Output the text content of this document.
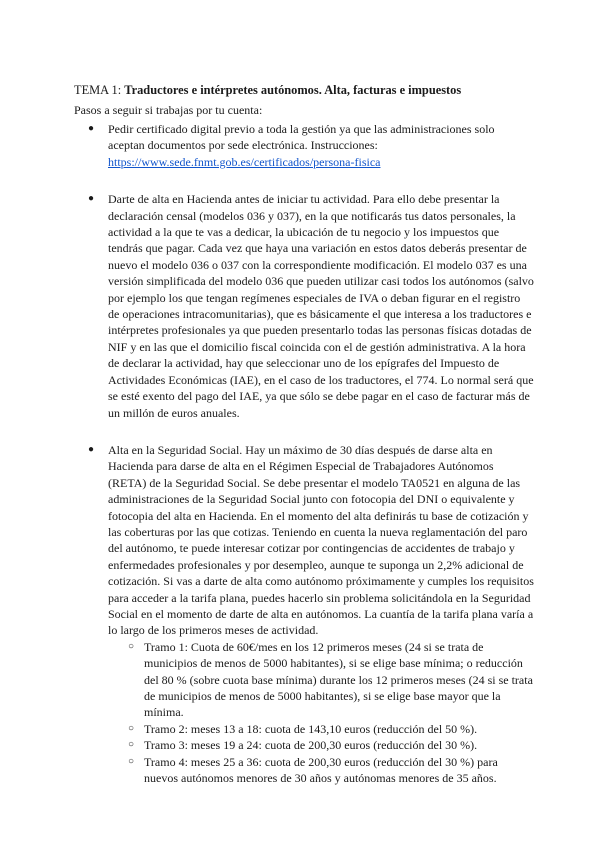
TEMA 1: Traductores e intérpretes autónomos. Alta, facturas e impuestos
Pasos a seguir si trabajas por tu cuenta:
● Pedir certificado digital previo a toda la gestión ya que las administraciones solo aceptan documentos por sede electrónica. Instrucciones:
https://www.sede.fnmt.gob.es/certificados/persona-fisica
● Darte de alta en Hacienda antes de iniciar tu actividad. Para ello debe presentar la declaración censal (modelos 036 y 037), en la que notificarás tus datos personales, la actividad a la que te vas a dedicar, la ubicación de tu negocio y los impuestos que tendrás que pagar. Cada vez que haya una variación en estos datos deberás presentar de nuevo el modelo 036 o 037 con la correspondiente modificación. El modelo 037 es una versión simplificada del modelo 036 que pueden utilizar casi todos los autónomos (salvo por ejemplo los que tengan regímenes especiales de IVA o deban figurar en el registro de operaciones intracomunitarias), que es básicamente el que interesa a los traductores e intérpretes profesionales ya que pueden presentarlo todas las personas físicas dotadas de NIF y en las que el domicilio fiscal coincida con el de gestión administrativa. A la hora de declarar la actividad, hay que seleccionar uno de los epígrafes del Impuesto de Actividades Económicas (IAE), en el caso de los traductores, el 774. Lo normal será que se esté exento del pago del IAE, ya que sólo se debe pagar en el caso de facturar más de un millón de euros anuales.
● Alta en la Seguridad Social. Hay un máximo de 30 días después de darse alta en Hacienda para darse de alta en el Régimen Especial de Trabajadores Autónomos (RETA) de la Seguridad Social. Se debe presentar el modelo TA0521 en alguna de las administraciones de la Seguridad Social junto con fotocopia del DNI o equivalente y fotocopia del alta en Hacienda. En el momento del alta definirás tu base de cotización y las coberturas por las que cotizas. Teniendo en cuenta la nueva reglamentación del paro del autónomo, te puede interesar cotizar por contingencias de accidentes de trabajo y enfermedades profesionales y por desempleo, aunque te suponga un 2,2% adicional de cotización. Si vas a darte de alta como autónomo próximamente y cumples los requisitos para acceder a la tarifa plana, puedes hacerlo sin problema solicitándola en la Seguridad Social en el momento de darte de alta en autónomos. La cuantía de la tarifa plana varía a lo largo de los primeros meses de actividad.
○ Tramo 1: Cuota de 60€/mes en los 12 primeros meses (24 si se trata de municipios de menos de 5000 habitantes), si se elige base mínima; o reducción del 80 % (sobre cuota base mínima) durante los 12 primeros meses (24 si se trata de municipios de menos de 5000 habitantes), si se elige base mayor que la mínima.
○ Tramo 2: meses 13 a 18: cuota de 143,10 euros (reducción del 50 %).
○ Tramo 3: meses 19 a 24: cuota de 200,30 euros (reducción del 30 %).
○ Tramo 4: meses 25 a 36: cuota de 200,30 euros (reducción del 30 %) para nuevos autónomos menores de 30 años y autónomas menores de 35 años.
